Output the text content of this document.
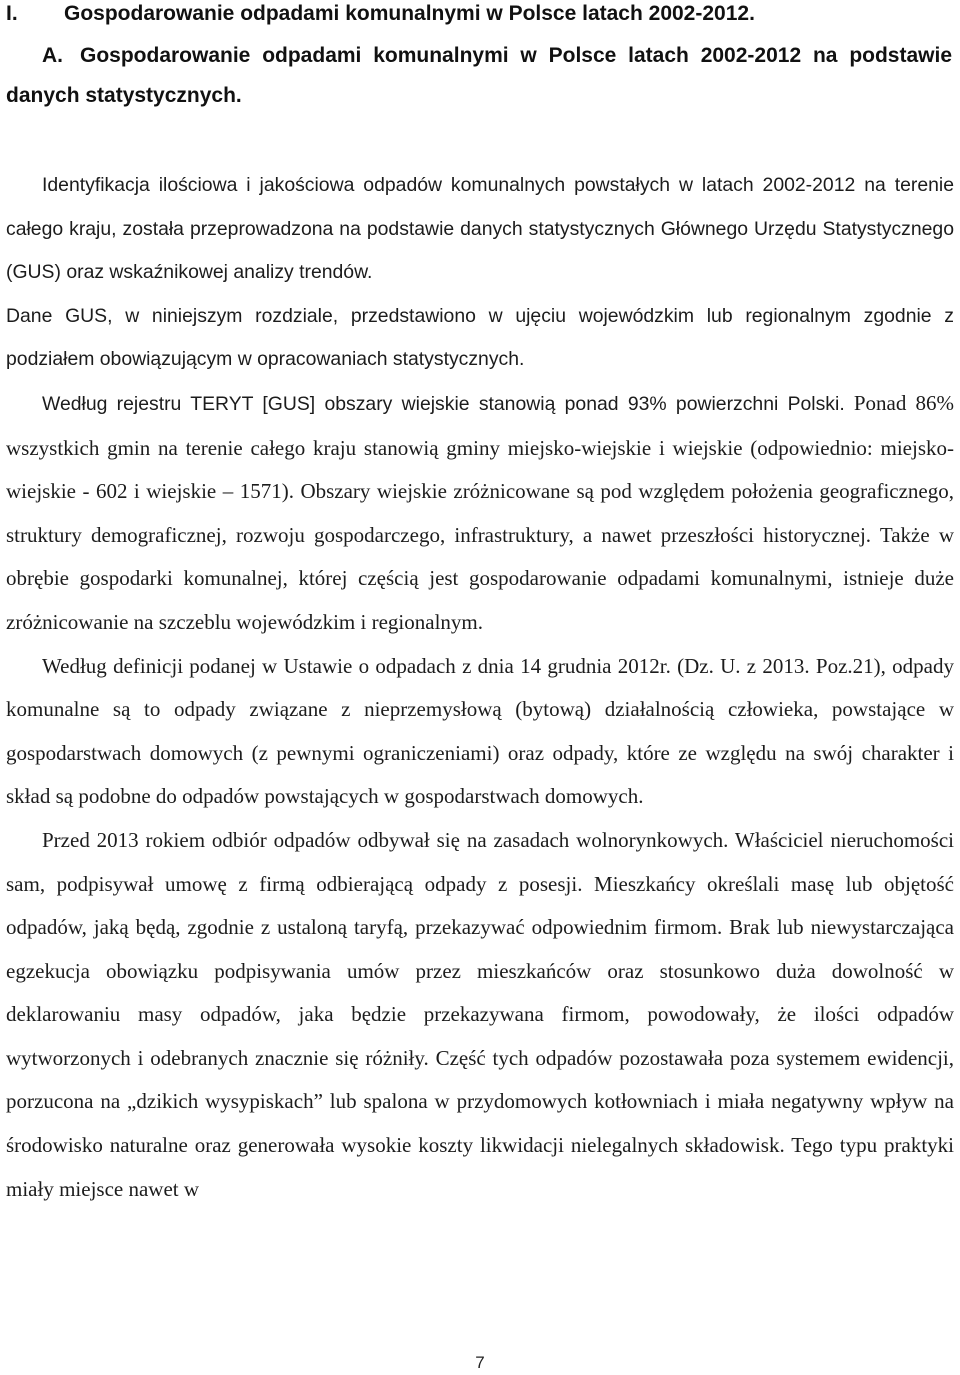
I. Gospodarowanie odpadami komunalnymi w Polsce latach 2002-2012.
A. Gospodarowanie odpadami komunalnymi w Polsce latach 2002-2012 na podstawie danych statystycznych.

Identyfikacja ilościowa i jakościowa odpadów komunalnych powstałych w latach 2002-2012 na terenie całego kraju, została przeprowadzona na podstawie danych statystycznych Głównego Urzędu Statystycznego (GUS) oraz wskaźnikowej analizy trendów.

Dane GUS, w niniejszym rozdziale, przedstawiono w ujęciu wojewódzkim lub regionalnym zgodnie z podziałem obowiązującym w opracowaniach statystycznych.

Według rejestru TERYT [GUS] obszary wiejskie stanowią ponad 93% powierzchni Polski. Ponad 86% wszystkich gmin na terenie całego kraju stanowią gminy miejsko-wiejskie i wiejskie (odpowiednio: miejsko-wiejskie - 602 i wiejskie – 1571). Obszary wiejskie zróżnicowane są pod względem położenia geograficznego, struktury demograficznej, rozwoju gospodarczego, infrastruktury, a nawet przeszłości historycznej. Także w obrębie gospodarki komunalnej, której częścią jest gospodarowanie odpadami komunalnymi, istnieje duże zróżnicowanie na szczeblu wojewódzkim i regionalnym.

Według definicji podanej w Ustawie o odpadach z dnia 14 grudnia 2012r. (Dz. U. z 2013. Poz.21), odpady komunalne są to odpady związane z nieprzemysłową (bytową) działalnością człowieka, powstające w gospodarstwach domowych (z pewnymi ograniczeniami) oraz odpady, które ze względu na swój charakter i skład są podobne do odpadów powstających w gospodarstwach domowych.

Przed 2013 rokiem odbiór odpadów odbywał się na zasadach wolnorynkowych. Właściciel nieruchomości sam, podpisywał umowę z firmą odbierającą odpady z posesji. Mieszkańcy określali masę lub objętość odpadów, jaką będą, zgodnie z ustaloną taryfą, przekazywać odpowiednim firmom. Brak lub niewystarczająca egzekucja obowiązku podpisywania umów przez mieszkańców oraz stosunkowo duża dowolność w deklarowaniu masy odpadów, jaka będzie przekazywana firmom, powodowały, że ilości odpadów wytworzonych i odebranych znacznie się różniły. Część tych odpadów pozostawała poza systemem ewidencji, porzucona na „dzikich wysypiskach” lub spalona w przydomowych kotłowniach i miała negatywny wpływ na środowisko naturalne oraz generowała wysokie koszty likwidacji nielegalnych składowisk. Tego typu praktyki miały miejsce nawet w

7
